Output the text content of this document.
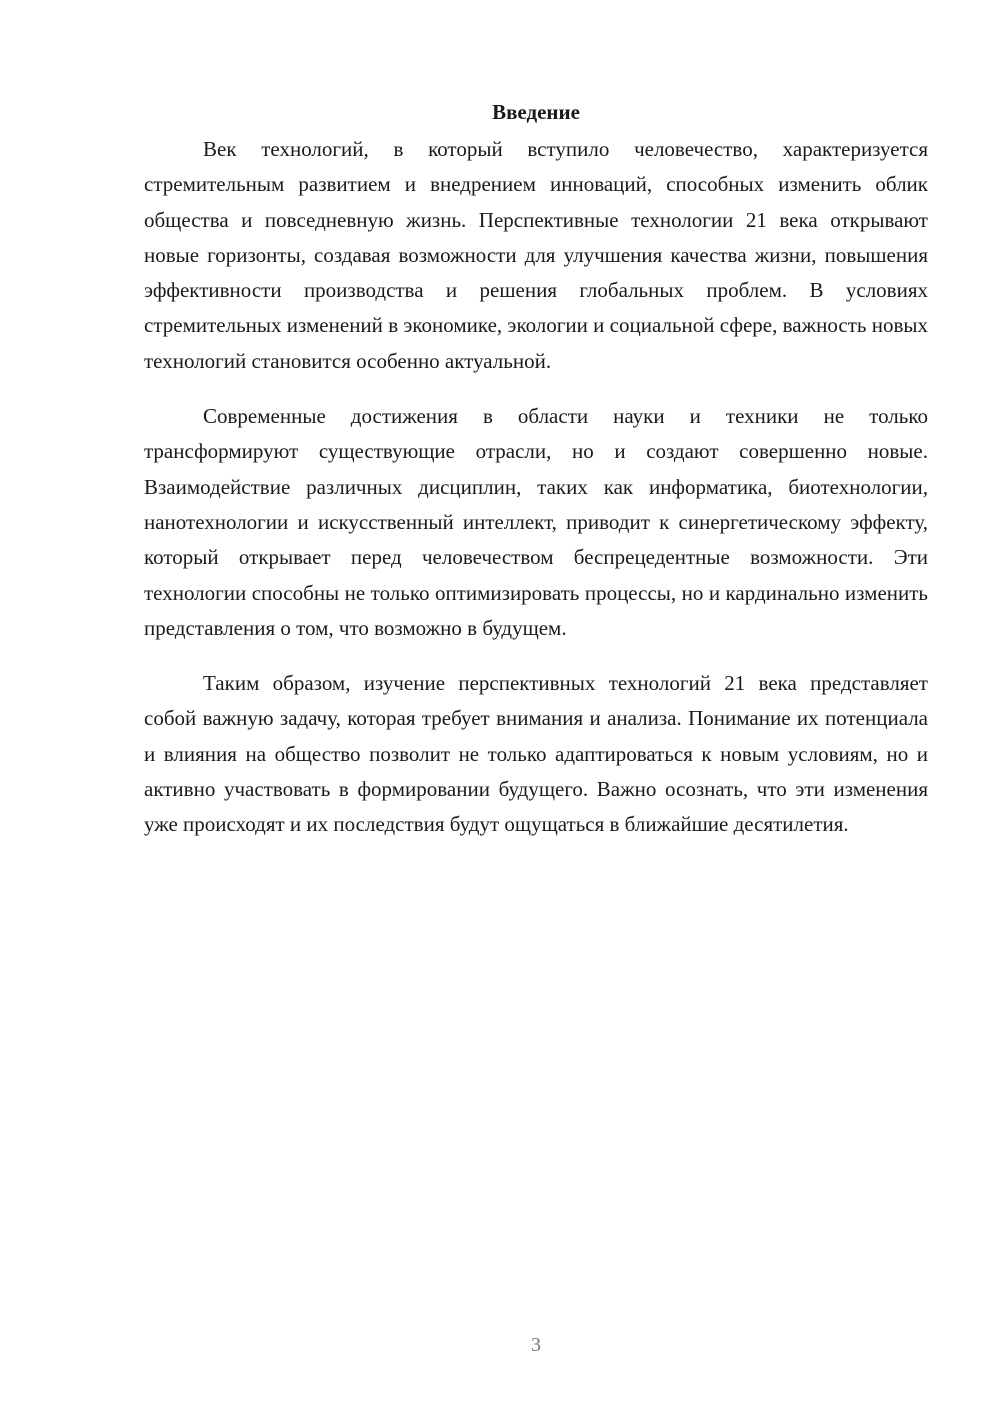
Введение

Век технологий, в который вступило человечество, характеризуется стремительным развитием и внедрением инноваций, способных изменить облик общества и повседневную жизнь. Перспективные технологии 21 века открывают новые горизонты, создавая возможности для улучшения качества жизни, повышения эффективности производства и решения глобальных проблем. В условиях стремительных изменений в экономике, экологии и социальной сфере, важность новых технологий становится особенно актуальной.

Современные достижения в области науки и техники не только трансформируют существующие отрасли, но и создают совершенно новые. Взаимодействие различных дисциплин, таких как информатика, биотехнологии, нанотехнологии и искусственный интеллект, приводит к синергетическому эффекту, который открывает перед человечеством беспрецедентные возможности. Эти технологии способны не только оптимизировать процессы, но и кардинально изменить представления о том, что возможно в будущем.

Таким образом, изучение перспективных технологий 21 века представляет собой важную задачу, которая требует внимания и анализа. Понимание их потенциала и влияния на общество позволит не только адаптироваться к новым условиям, но и активно участвовать в формировании будущего. Важно осознать, что эти изменения уже происходят и их последствия будут ощущаться в ближайшие десятилетия.

3
